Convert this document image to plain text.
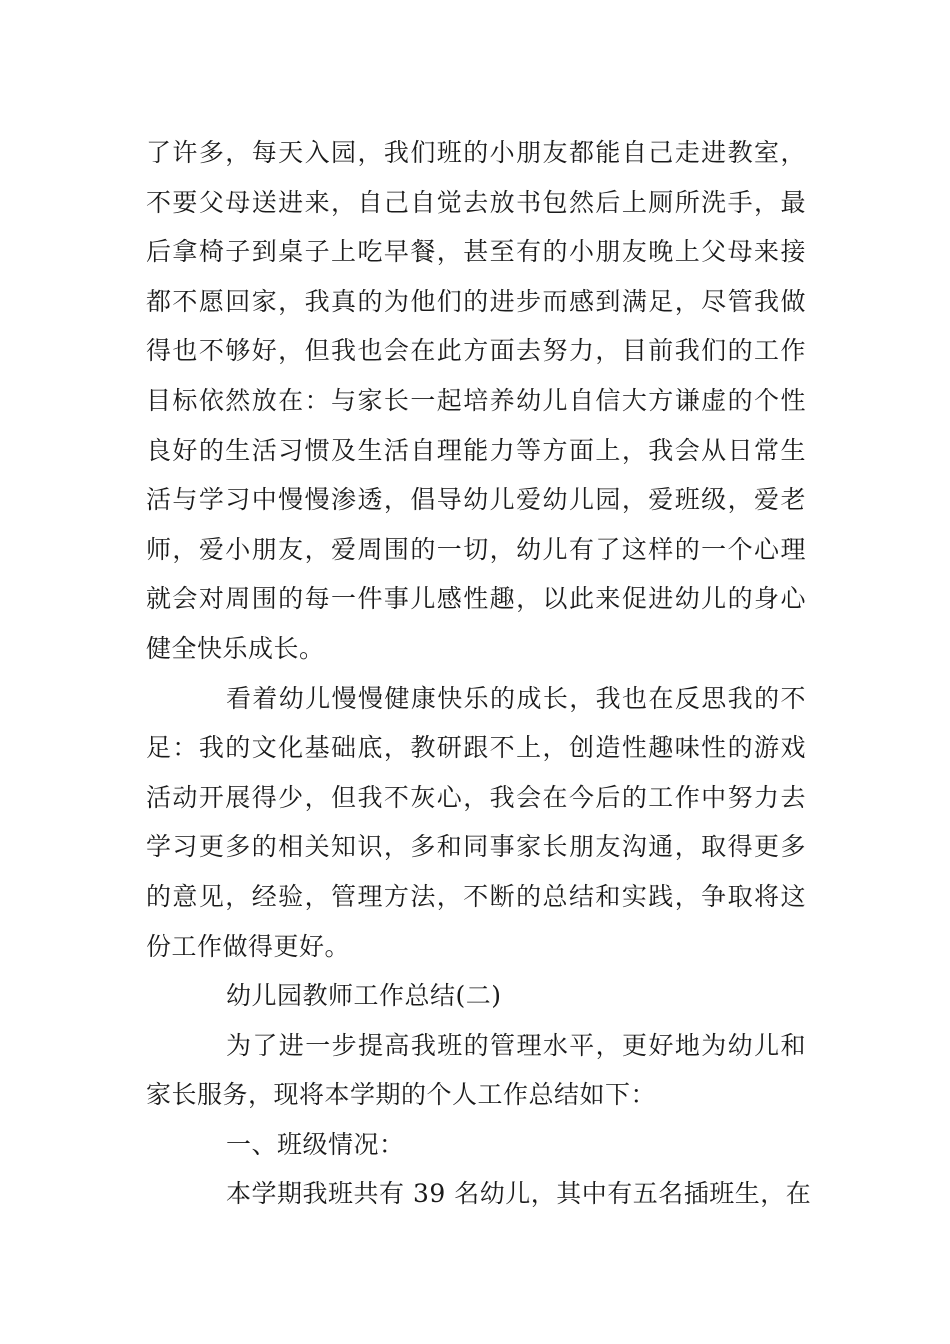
了许多，每天入园，我们班的小朋友都能自己走进教室，
不要父母送进来，自己自觉去放书包然后上厕所洗手，最
后拿椅子到桌子上吃早餐，甚至有的小朋友晚上父母来接
都不愿回家，我真的为他们的进步而感到满足，尽管我做
得也不够好，但我也会在此方面去努力，目前我们的工作
目标依然放在：与家长一起培养幼儿自信大方谦虚的个性
良好的生活习惯及生活自理能力等方面上，我会从日常生
活与学习中慢慢渗透，倡导幼儿爱幼儿园，爱班级，爱老
师，爱小朋友，爱周围的一切，幼儿有了这样的一个心理
就会对周围的每一件事儿感性趣，以此来促进幼儿的身心
健全快乐成长。
看着幼儿慢慢健康快乐的成长，我也在反思我的不
足：我的文化基础底，教研跟不上，创造性趣味性的游戏
活动开展得少，但我不灰心，我会在今后的工作中努力去
学习更多的相关知识，多和同事家长朋友沟通，取得更多
的意见，经验，管理方法，不断的总结和实践，争取将这
份工作做得更好。
幼儿园教师工作总结(二)
为了进一步提高我班的管理水平，更好地为幼儿和
家长服务，现将本学期的个人工作总结如下：
一、班级情况：
本学期我班共有 39 名幼儿，其中有五名插班生，在
